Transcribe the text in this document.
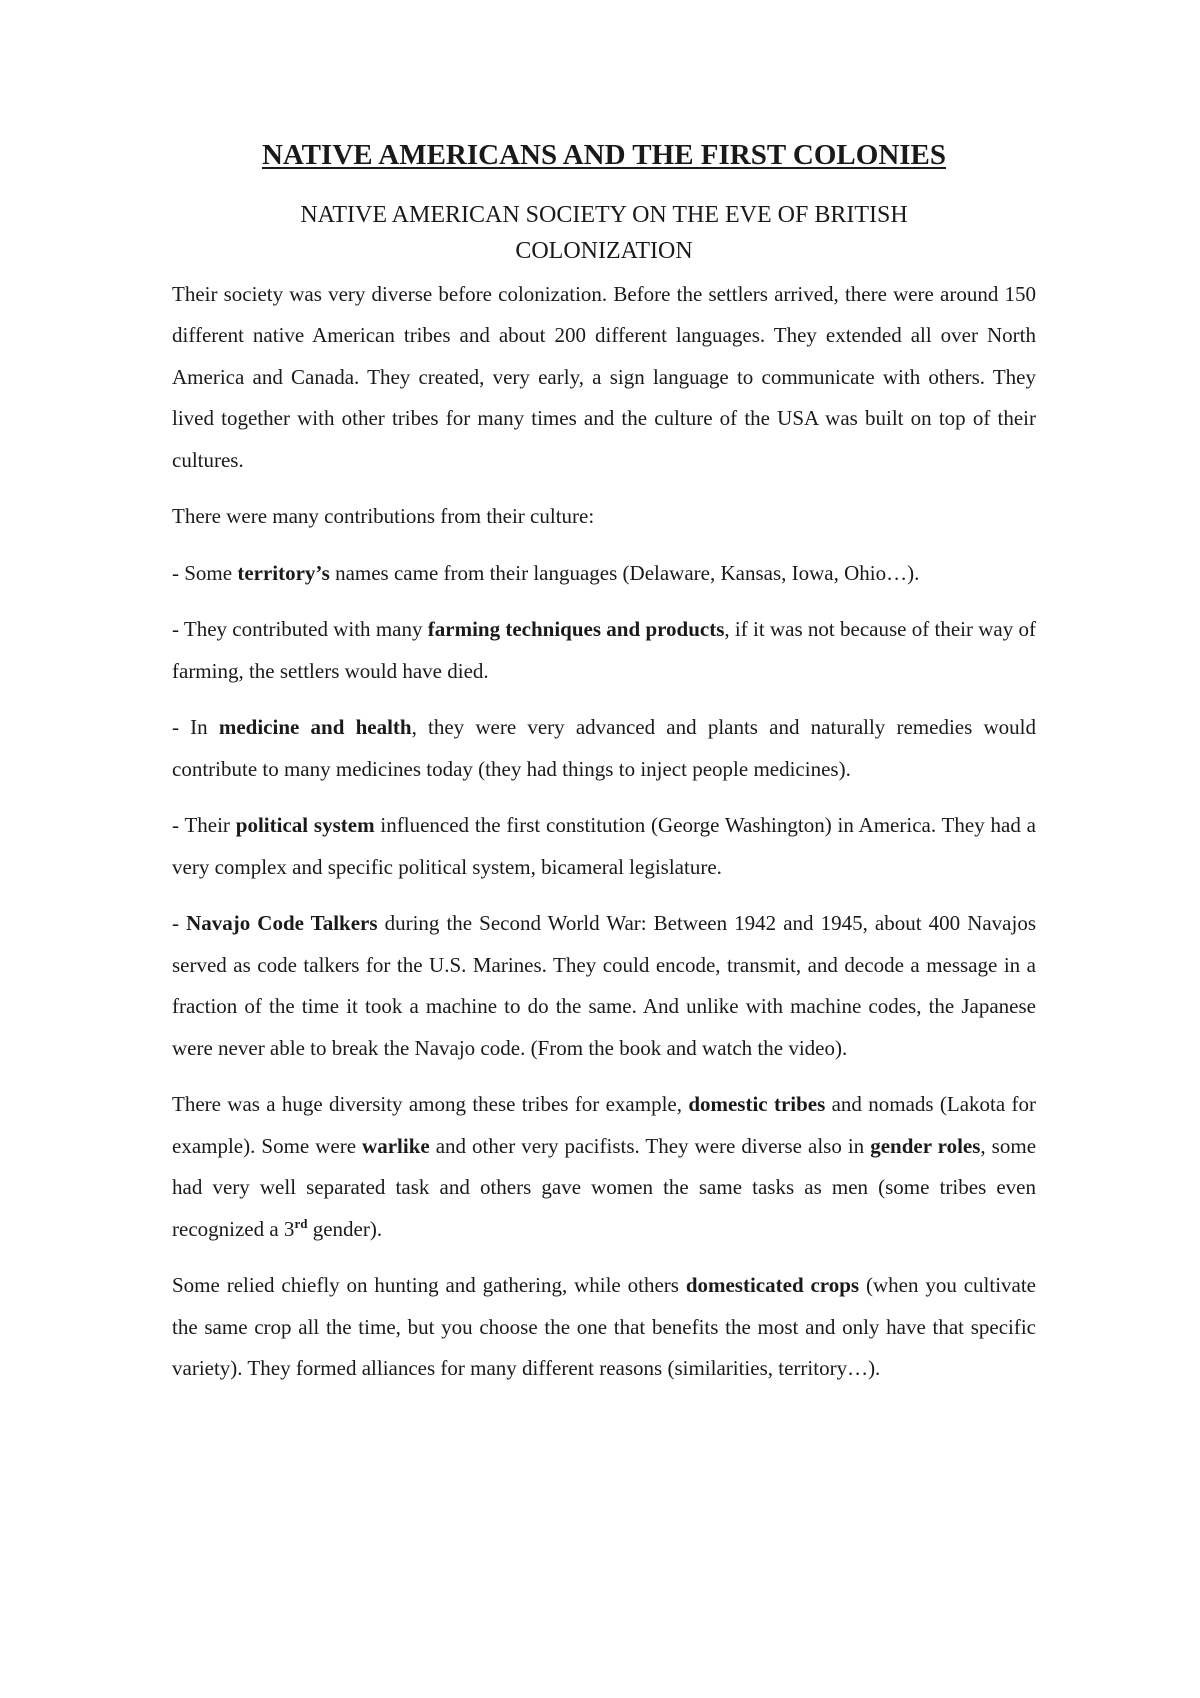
NATIVE AMERICANS AND THE FIRST COLONIES
NATIVE AMERICAN SOCIETY ON THE EVE OF BRITISH COLONIZATION

Their society was very diverse before colonization. Before the settlers arrived, there were around 150 different native American tribes and about 200 different languages. They extended all over North America and Canada. They created, very early, a sign language to communicate with others. They lived together with other tribes for many times and the culture of the USA was built on top of their cultures.

There were many contributions from their culture:

- Some territory’s names came from their languages (Delaware, Kansas, Iowa, Ohio…).

- They contributed with many farming techniques and products, if it was not because of their way of farming, the settlers would have died.

- In medicine and health, they were very advanced and plants and naturally remedies would contribute to many medicines today (they had things to inject people medicines).

- Their political system influenced the first constitution (George Washington) in America. They had a very complex and specific political system, bicameral legislature.

- Navajo Code Talkers during the Second World War: Between 1942 and 1945, about 400 Navajos served as code talkers for the U.S. Marines. They could encode, transmit, and decode a message in a fraction of the time it took a machine to do the same. And unlike with machine codes, the Japanese were never able to break the Navajo code. (From the book and watch the video).

There was a huge diversity among these tribes for example, domestic tribes and nomads (Lakota for example). Some were warlike and other very pacifists. They were diverse also in gender roles, some had very well separated task and others gave women the same tasks as men (some tribes even recognized a 3rd gender).

Some relied chiefly on hunting and gathering, while others domesticated crops (when you cultivate the same crop all the time, but you choose the one that benefits the most and only have that specific variety). They formed alliances for many different reasons (similarities, territory…).
